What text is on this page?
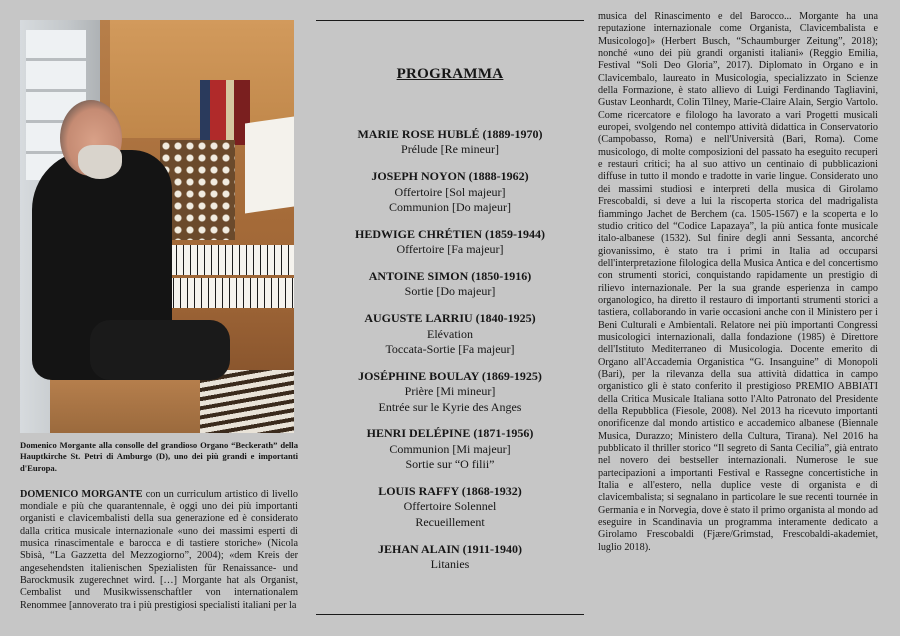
Domenico Morgante alla consolle del grandioso Organo “Beckerath” della Hauptkirche St. Petri di Amburgo (D), uno dei più grandi e importanti d'Europa.

DOMENICO MORGANTE con un curriculum artistico di livello mondiale e più che quarantennale, è oggi uno dei più importanti organisti e clavicembalisti della sua generazione ed è considerato dalla critica musicale internazionale «uno dei massimi esperti di musica rinascimentale e barocca e di tastiere storiche» (Nicola Sbisà, “La Gazzetta del Mezzogiorno”, 2004); «dem Kreis der angesehendsten italienischen Spezialisten für Renaissance- und Barockmusik zugerechnet wird. […] Morgante hat als Organist, Cembalist und Musikwissenschaftler von internationalem Renommee [annoverato tra i più prestigiosi specialisti italiani per la

PROGRAMMA
MARIE ROSE HUBLÉ (1889-1970)
Prélude [Re mineur]
JOSEPH NOYON (1888-1962)
Offertoire [Sol majeur]
Communion [Do majeur]
HEDWIGE CHRÉTIEN (1859-1944)
Offertoire [Fa majeur]
ANTOINE SIMON (1850-1916)
Sortie [Do majeur]
AUGUSTE LARRIU (1840-1925)
Elévation
Toccata-Sortie [Fa majeur]
JOSÉPHINE BOULAY (1869-1925)
Prière [Mi mineur]
Entrée sur le Kyrie des Anges
HENRI DELÉPINE (1871-1956)
Communion [Mi majeur]
Sortie sur “O filii”
LOUIS RAFFY (1868-1932)
Offertoire Solennel
Recueillement
JEHAN ALAIN (1911-1940)
Litanies

musica del Rinascimento e del Barocco... Morgante ha una reputazione internazionale come Organista, Clavicembalista e Musicologo]» (Herbert Busch, “Schaumburger Zeitung”, 2018); nonché «uno dei più grandi organisti italiani» (Reggio Emilia, Festival “Soli Deo Gloria”, 2017). Diplomato in Organo e in Clavicembalo, laureato in Musicologia, specializzato in Scienze della Formazione, è stato allievo di Luigi Ferdinando Tagliavini, Gustav Leonhardt, Colin Tilney, Marie-Claire Alain, Sergio Vartolo. Come ricercatore e filologo ha lavorato a vari Progetti musicali europei, svolgendo nel contempo attività didattica in Conservatorio (Campobasso, Roma) e nell'Università (Bari, Roma). Come musicologo, di molte composizioni del passato ha eseguito recuperi e restauri critici; ha al suo attivo un centinaio di pubblicazioni diffuse in tutto il mondo e tradotte in varie lingue. Considerato uno dei massimi studiosi e interpreti della musica di Girolamo Frescobaldi, si deve a lui la riscoperta storica del madrigalista fiammingo Jachet de Berchem (ca. 1505-1567) e la scoperta e lo studio critico del “Codice Lapazaya”, la più antica fonte musicale italo-albanese (1532). Sul finire degli anni Sessanta, ancorché giovanissimo, è stato tra i primi in Italia ad occuparsi dell'interpretazione filologica della Musica Antica e del concertismo con strumenti storici, conquistando rapidamente un prestigio di rilievo internazionale. Per la sua grande esperienza in campo organologico, ha diretto il restauro di importanti strumenti storici a tastiera, collaborando in varie occasioni anche con il Ministero per i Beni Culturali e Ambientali. Relatore nei più importanti Congressi musicologici internazionali, dalla fondazione (1985) è Direttore dell'Istituto Mediterraneo di Musicologia. Docente emerito di Organo all'Accademia Organistica “G. Insanguine” di Monopoli (Bari), per la rilevanza della sua attività didattica in campo organistico gli è stato conferito il prestigioso PREMIO ABBIATI della Critica Musicale Italiana sotto l'Alto Patronato del Presidente della Repubblica (Fiesole, 2008). Nel 2013 ha ricevuto importanti onorificenze dal mondo artistico e accademico albanese (Biennale Musica, Durazzo; Ministero della Cultura, Tirana). Nel 2016 ha pubblicato il thriller storico “Il segreto di Santa Cecilia”, già entrato nel novero dei bestseller internazionali. Numerose le sue partecipazioni a importanti Festival e Rassegne concertistiche in Italia e all'estero, nella duplice veste di organista e di clavicembalista; si segnalano in particolare le sue recenti tournée in Germania e in Norvegia, dove è stato il primo organista al mondo ad eseguire in Scandinavia un programma interamente dedicato a Girolamo Frescobaldi (Fjære/Grimstad, Frescobaldi-akademiet, luglio 2018).
